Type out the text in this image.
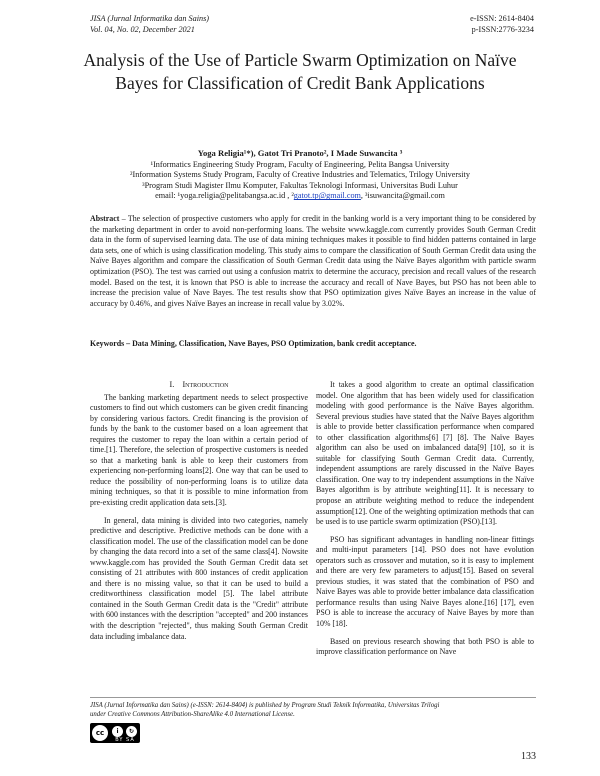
JISA (Jurnal Informatika dan Sains)
Vol. 04, No. 02, December 2021
e-ISSN: 2614-8404
p-ISSN:2776-3234
Analysis of the Use of Particle Swarm Optimization on Naïve Bayes for Classification of Credit Bank Applications
Yoga Religia¹*), Gatot Tri Pranoto², I Made Suwancita ³
¹Informatics Engineering Study Program, Faculty of Engineering, Pelita Bangsa University
²Information Systems Study Program, Faculty of Creative Industries and Telematics, Trilogy University
³Program Studi Magister Ilmu Komputer, Fakultas Teknologi Informasi, Universitas Budi Luhur
email: ¹yoga.religia@pelitabangsa.ac.id , ²gatot.tp@gmail.com, ³isuwancita@gmail.com
Abstract – The selection of prospective customers who apply for credit in the banking world is a very important thing to be considered by the marketing department in order to avoid non-performing loans. The website www.kaggle.com currently provides South German Credit data in the form of supervised learning data. The use of data mining techniques makes it possible to find hidden patterns contained in large data sets, one of which is using classification modeling. This study aims to compare the classification of South German Credit data using the Naïve Bayes algorithm and compare the classification of South German Credit data using the Naïve Bayes algorithm with particle swarm optimization (PSO). The test was carried out using a confusion matrix to determine the accuracy, precision and recall values of the research model. Based on the test, it is known that PSO is able to increase the accuracy and recall of Nave Bayes, but PSO has not been able to increase the precision value of Nave Bayes. The test results show that PSO optimization gives Naïve Bayes an increase in the value of accuracy by 0.46%, and gives Naïve Bayes an increase in recall value by 3.02%.
Keywords – Data Mining, Classification, Nave Bayes, PSO Optimization, bank credit acceptance.
I. Introduction

The banking marketing department needs to select prospective customers to find out which customers can be given credit financing by considering various factors. Credit financing is the provision of funds by the bank to the customer based on a loan agreement that requires the customer to repay the loan within a certain period of time.[1]. Therefore, the selection of prospective customers is needed so that a marketing bank is able to keep their customers from experiencing non-performing loans[2]. One way that can be used to reduce the possibility of non-performing loans is to utilize data mining techniques, so that it is possible to mine information from pre-existing credit application data sets.[3].

In general, data mining is divided into two categories, namely predictive and descriptive. Predictive methods can be done with a classification model. The use of the classification model can be done by changing the data record into a set of the same class[4]. Nowsite www.kaggle.com has provided the South German Credit data set consisting of 21 attributes with 800 instances of credit application and there is no missing value, so that it can be used to build a creditworthiness classification model [5]. The label attribute contained in the South German Credit data is the "Credit" attribute with 600 instances with the description "accepted" and 200 instances with the description "rejected", thus making South German Credit data including imbalance data.

It takes a good algorithm to create an optimal classification model. One algorithm that has been widely used for classification modeling with good performance is the Naïve Bayes algorithm. Several previous studies have stated that the Naïve Bayes algorithm is able to provide better classification performance when compared to other classification algorithms[6] [7] [8]. The Naïve Bayes algorithm can also be used on imbalanced data[9] [10], so it is suitable for classifying South German Credit data. Currently, independent assumptions are rarely discussed in the Naïve Bayes classification. One way to try independent assumptions in the Naïve Bayes algorithm is by attribute weighting[11]. It is necessary to propose an attribute weighting method to reduce the independent assumption[12]. One of the weighting optimization methods that can be used is to use particle swarm optimization (PSO).[13].

PSO has significant advantages in handling non-linear fittings and multi-input parameters [14]. PSO does not have evolution operators such as crossover and mutation, so it is easy to implement and there are very few parameters to adjust[15]. Based on several previous studies, it was stated that the combination of PSO and Naive Bayes was able to provide better imbalance data classification performance results than using Naive Bayes alone.[16] [17], even PSO is able to increase the accuracy of Naive Bayes by more than 10% [18].

Based on previous research showing that both PSO is able to improve classification performance on Nave

JISA (Jurnal Informatika dan Sains) (e-ISSN: 2614-8404) is published by Program Studi Teknik Informatika, Universitas Trilogi
under Creative Commons Attribution-ShareAlike 4.0 International License.
cc	i	↻
BY SA
133
